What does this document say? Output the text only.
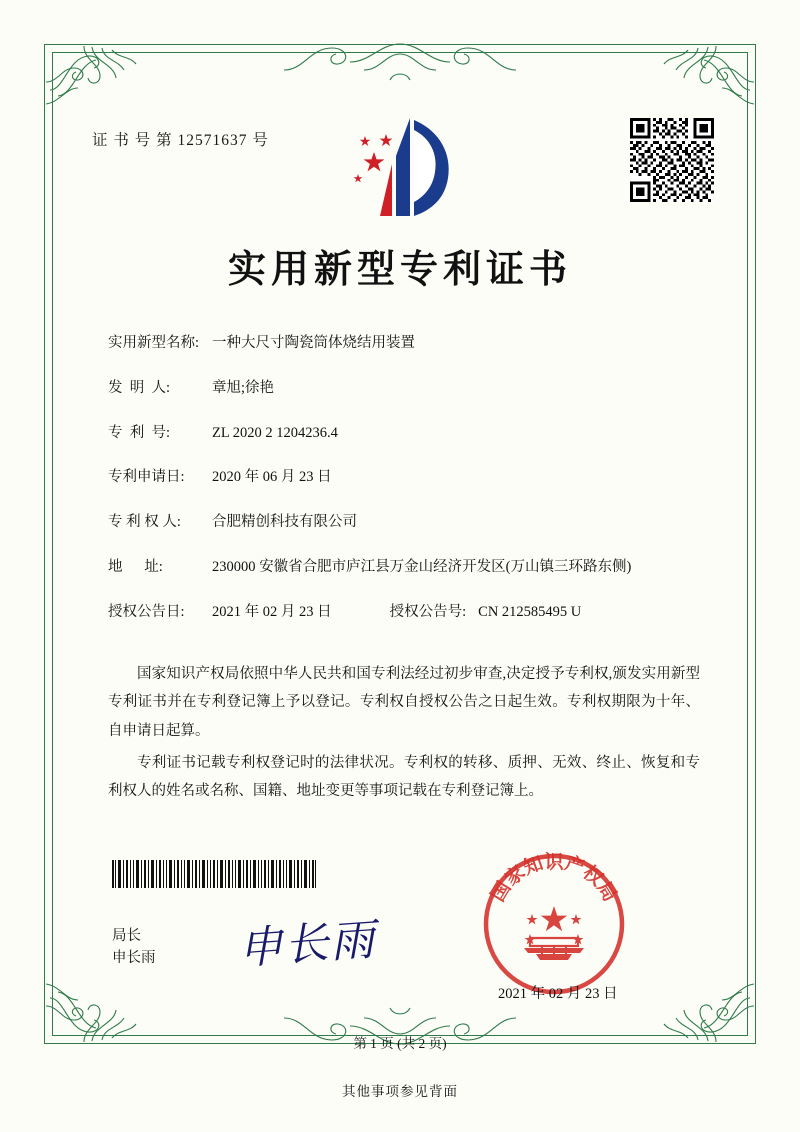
证 书 号 第 12571637 号
实用新型专利证书
实用新型名称: 一种大尺寸陶瓷筒体烧结用装置
发  明  人:	章旭;徐艳
专  利  号:	ZL 2020 2 1204236.4
专利申请日:	2020 年 06 月 23 日
专 利 权 人:	合肥精创科技有限公司
地      址:	230000 安徽省合肥市庐江县万金山经济开发区(万山镇三环路东侧)
授权公告日:	2021 年 02 月 23 日	授权公告号: CN 212585495 U

国家知识产权局依照中华人民共和国专利法经过初步审查,决定授予专利权,颁发实用新型专利证书并在专利登记簿上予以登记。专利权自授权公告之日起生效。专利权期限为十年、自申请日起算。

专利证书记载专利权登记时的法律状况。专利权的转移、质押、无效、终止、恢复和专利权人的姓名或名称、国籍、地址变更等事项记载在专利登记簿上。

局长
申长雨 申长雨
国家知识产权局
2021 年 02 月 23 日
第 1 页 (共 2 页)
其他事项参见背面
